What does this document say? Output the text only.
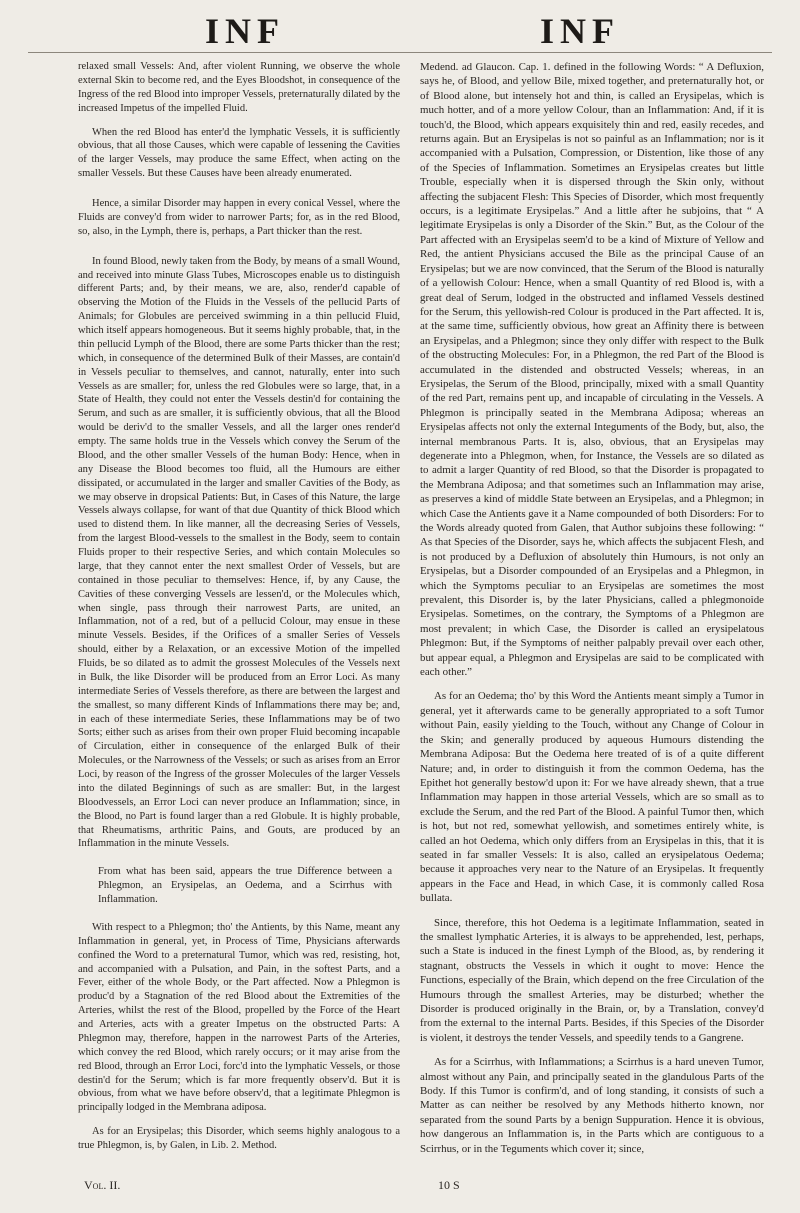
INF	INF

relaxed small Vessels: And, after violent Running, we observe the whole external Skin to become red, and the Eyes Bloodshot, in consequence of the Ingress of the red Blood into improper Vessels, preternaturally dilated by the increased Impetus of the impelled Fluid.

When the red Blood has enter'd the lymphatic Vessels, it is sufficiently obvious, that all those Causes, which were capable of lessening the Cavities of the larger Vessels, may produce the same Effect, when acting on the smaller Vessels. But these Causes have been already enumerated.

Hence, a similar Disorder may happen in every conical Vessel, where the Fluids are convey'd from wider to narrower Parts; for, as in the red Blood, so, also, in the Lymph, there is, perhaps, a Part thicker than the rest.

In found Blood, newly taken from the Body, by means of a small Wound, and received into minute Glass Tubes, Microscopes enable us to distinguish different Parts; and, by their means, we are, also, render'd capable of observing the Motion of the Fluids in the Vessels of the pellucid Parts of Animals; for Globules are perceived swimming in a thin pellucid Fluid, which itself appears homogeneous. But it seems highly probable, that, in the thin pellucid Lymph of the Blood, there are some Parts thicker than the rest; which, in consequence of the determined Bulk of their Masses, are contain'd in Vessels peculiar to themselves, and cannot, naturally, enter into such Vessels as are smaller; for, unless the red Globules were so large, that, in a State of Health, they could not enter the Vessels destin'd for containing the Serum, and such as are smaller, it is sufficiently obvious, that all the Blood would be deriv'd to the smaller Vessels, and all the larger ones render'd empty. The same holds true in the Vessels which convey the Serum of the Blood, and the other smaller Vessels of the human Body: Hence, when in any Disease the Blood becomes too fluid, all the Humours are either dissipated, or accumulated in the larger and smaller Cavities of the Body, as we may observe in dropsical Patients: But, in Cases of this Nature, the large Vessels always collapse, for want of that due Quantity of thick Blood which used to distend them. In like manner, all the decreasing Series of Vessels, from the largest Blood-vessels to the smallest in the Body, seem to contain Fluids proper to their respective Series, and which contain Molecules so large, that they cannot enter the next smallest Order of Vessels, but are contained in those peculiar to themselves: Hence, if, by any Cause, the Cavities of these converging Vessels are lessen'd, or the Molecules which, when single, pass through their narrowest Parts, are united, an Inflammation, not of a red, but of a pellucid Colour, may ensue in these minute Vessels. Besides, if the Orifices of a smaller Series of Vessels should, either by a Relaxation, or an excessive Motion of the impelled Fluids, be so dilated as to admit the grossest Molecules of the Vessels next in Bulk, the like Disorder will be produced from an Error Loci. As many intermediate Series of Vessels therefore, as there are between the largest and the smallest, so many different Kinds of Inflammations there may be; and, in each of these intermediate Series, these Inflammations may be of two Sorts; either such as arises from their own proper Fluid becoming incapable of Circulation, either in consequence of the enlarged Bulk of their Molecules, or the Narrowness of the Vessels; or such as arises from an Error Loci, by reason of the Ingress of the grosser Molecules of the larger Vessels into the dilated Beginnings of such as are smaller: But, in the largest Bloodvessels, an Error Loci can never produce an Inflammation; since, in the Blood, no Part is found larger than a red Globule. It is highly probable, that Rheumatisms, arthritic Pains, and Gouts, are produced by an Inflammation in the minute Vessels.

From what has been said, appears the true Difference between a Phlegmon, an Erysipelas, an Oedema, and a Scirrhus with Inflammation.

With respect to a Phlegmon; tho' the Antients, by this Name, meant any Inflammation in general, yet, in Process of Time, Physicians afterwards confined the Word to a preternatural Tumor, which was red, resisting, hot, and accompanied with a Pulsation, and Pain, in the softest Parts, and a Fever, either of the whole Body, or the Part affected. Now a Phlegmon is produc'd by a Stagnation of the red Blood about the Extremities of the Arteries, whilst the rest of the Blood, propelled by the Force of the Heart and Arteries, acts with a greater Impetus on the obstructed Parts: A Phlegmon may, therefore, happen in the narrowest Parts of the Arteries, which convey the red Blood, which rarely occurs; or it may arise from the red Blood, through an Error Loci, forc'd into the lymphatic Vessels, or those destin'd for the Serum; which is far more frequently observ'd. But it is obvious, from what we have before observ'd, that a legitimate Phlegmon is principally lodged in the Membrana adiposa.

As for an Erysipelas; this Disorder, which seems highly analogous to a true Phlegmon, is, by Galen, in Lib. 2. Method.

Medend. ad Glaucon. Cap. 1. defined in the following Words: “ A Defluxion, says he, of Blood, and yellow Bile, mixed together, and preternaturally hot, or of Blood alone, but intensely hot and thin, is called an Erysipelas, which is much hotter, and of a more yellow Colour, than an Inflammation: And, if it is touch'd, the Blood, which appears exquisitely thin and red, easily recedes, and returns again. But an Erysipelas is not so painful as an Inflammation; nor is it accompanied with a Pulsation, Compression, or Distention, like those of any of the Species of Inflammation. Sometimes an Erysipelas creates but little Trouble, especially when it is dispersed through the Skin only, without affecting the subjacent Flesh: This Species of Disorder, which most frequently occurs, is a legitimate Erysipelas.” And a little after he subjoins, that “ A legitimate Erysipelas is only a Disorder of the Skin.” But, as the Colour of the Part affected with an Erysipelas seem'd to be a kind of Mixture of Yellow and Red, the antient Physicians accused the Bile as the principal Cause of an Erysipelas; but we are now convinced, that the Serum of the Blood is naturally of a yellowish Colour: Hence, when a small Quantity of red Blood is, with a great deal of Serum, lodged in the obstructed and inflamed Vessels destined for the Serum, this yellowish-red Colour is produced in the Part affected. It is, at the same time, sufficiently obvious, how great an Affinity there is between an Erysipelas, and a Phlegmon; since they only differ with respect to the Bulk of the obstructing Molecules: For, in a Phlegmon, the red Part of the Blood is accumulated in the distended and obstructed Vessels; whereas, in an Erysipelas, the Serum of the Blood, principally, mixed with a small Quantity of the red Part, remains pent up, and incapable of circulating in the Vessels. A Phlegmon is principally seated in the Membrana Adiposa; whereas an Erysipelas affects not only the external Integuments of the Body, but, also, the internal membranous Parts. It is, also, obvious, that an Erysipelas may degenerate into a Phlegmon, when, for Instance, the Vessels are so dilated as to admit a larger Quantity of red Blood, so that the Disorder is propagated to the Membrana Adiposa; and that sometimes such an Inflammation may arise, as preserves a kind of middle State between an Erysipelas, and a Phlegmon; in which Case the Antients gave it a Name compounded of both Disorders: For to the Words already quoted from Galen, that Author subjoins these following: “ As that Species of the Disorder, says he, which affects the subjacent Flesh, and is not produced by a Defluxion of absolutely thin Humours, is not only an Erysipelas, but a Disorder compounded of an Erysipelas and a Phlegmon, in which the Symptoms peculiar to an Erysipelas are sometimes the most prevalent, this Disorder is, by the later Physicians, called a phlegmonoide Erysipelas. Sometimes, on the contrary, the Symptoms of a Phlegmon are most prevalent; in which Case, the Disorder is called an erysipelatous Phlegmon: But, if the Symptoms of neither palpably prevail over each other, but appear equal, a Phlegmon and Erysipelas are said to be complicated with each other.”

As for an Oedema; tho' by this Word the Antients meant simply a Tumor in general, yet it afterwards came to be generally appropriated to a soft Tumor without Pain, easily yielding to the Touch, without any Change of Colour in the Skin; and generally produced by aqueous Humours distending the Membrana Adiposa: But the Oedema here treated of is of a quite different Nature; and, in order to distinguish it from the common Oedema, has the Epithet hot generally bestow'd upon it: For we have already shewn, that a true Inflammation may happen in those arterial Vessels, which are so small as to exclude the Serum, and the red Part of the Blood. A painful Tumor then, which is hot, but not red, somewhat yellowish, and sometimes entirely white, is called an hot Oedema, which only differs from an Erysipelas in this, that it is seated in far smaller Vessels: It is also, called an erysipelatous Oedema; because it approaches very near to the Nature of an Erysipelas. It frequently appears in the Face and Head, in which Case, it is commonly called Rosa bullata.

Since, therefore, this hot Oedema is a legitimate Inflammation, seated in the smallest lymphatic Arteries, it is always to be apprehended, lest, perhaps, such a State is induced in the finest Lymph of the Blood, as, by rendering it stagnant, obstructs the Vessels in which it ought to move: Hence the Functions, especially of the Brain, which depend on the free Circulation of the Humours through the smallest Arteries, may be disturbed; whether the Disorder is produced originally in the Brain, or, by a Translation, convey'd from the external to the internal Parts. Besides, if this Species of the Disorder is violent, it destroys the tender Vessels, and speedily tends to a Gangrene.

As for a Scirrhus, with Inflammations; a Scirrhus is a hard uneven Tumor, almost without any Pain, and principally seated in the glandulous Parts of the Body. If this Tumor is confirm'd, and of long standing, it consists of such a Matter as can neither be resolved by any Methods hitherto known, nor separated from the sound Parts by a benign Suppuration. Hence it is obvious, how dangerous an Inflammation is, in the Parts which are contiguous to a Scirrhus, or in the Teguments which cover it; since,

Vol. II.	10 S
